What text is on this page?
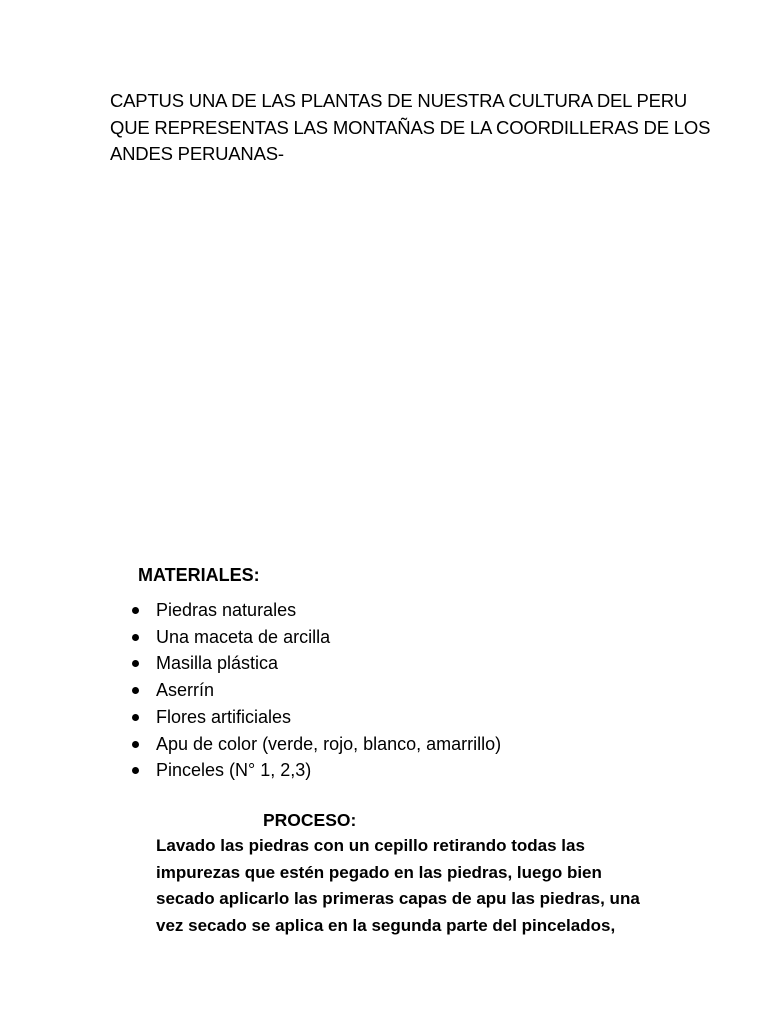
CAPTUS UNA DE LAS PLANTAS DE NUESTRA CULTURA DEL PERU
QUE REPRESENTAS LAS MONTAÑAS DE LA COORDILLERAS DE LOS
ANDES PERUANAS-
MATERIALES:
Piedras naturales
Una maceta de arcilla
Masilla plástica
Aserrín
Flores artificiales
Apu de color (verde, rojo, blanco, amarrillo)
Pinceles (N° 1, 2,3)
PROCESO:

Lavado las piedras con un cepillo retirando todas las
impurezas que estén pegado en las piedras, luego bien
secado aplicarlo las primeras capas de apu las piedras, una
vez secado se aplica en la segunda parte del pincelados,
